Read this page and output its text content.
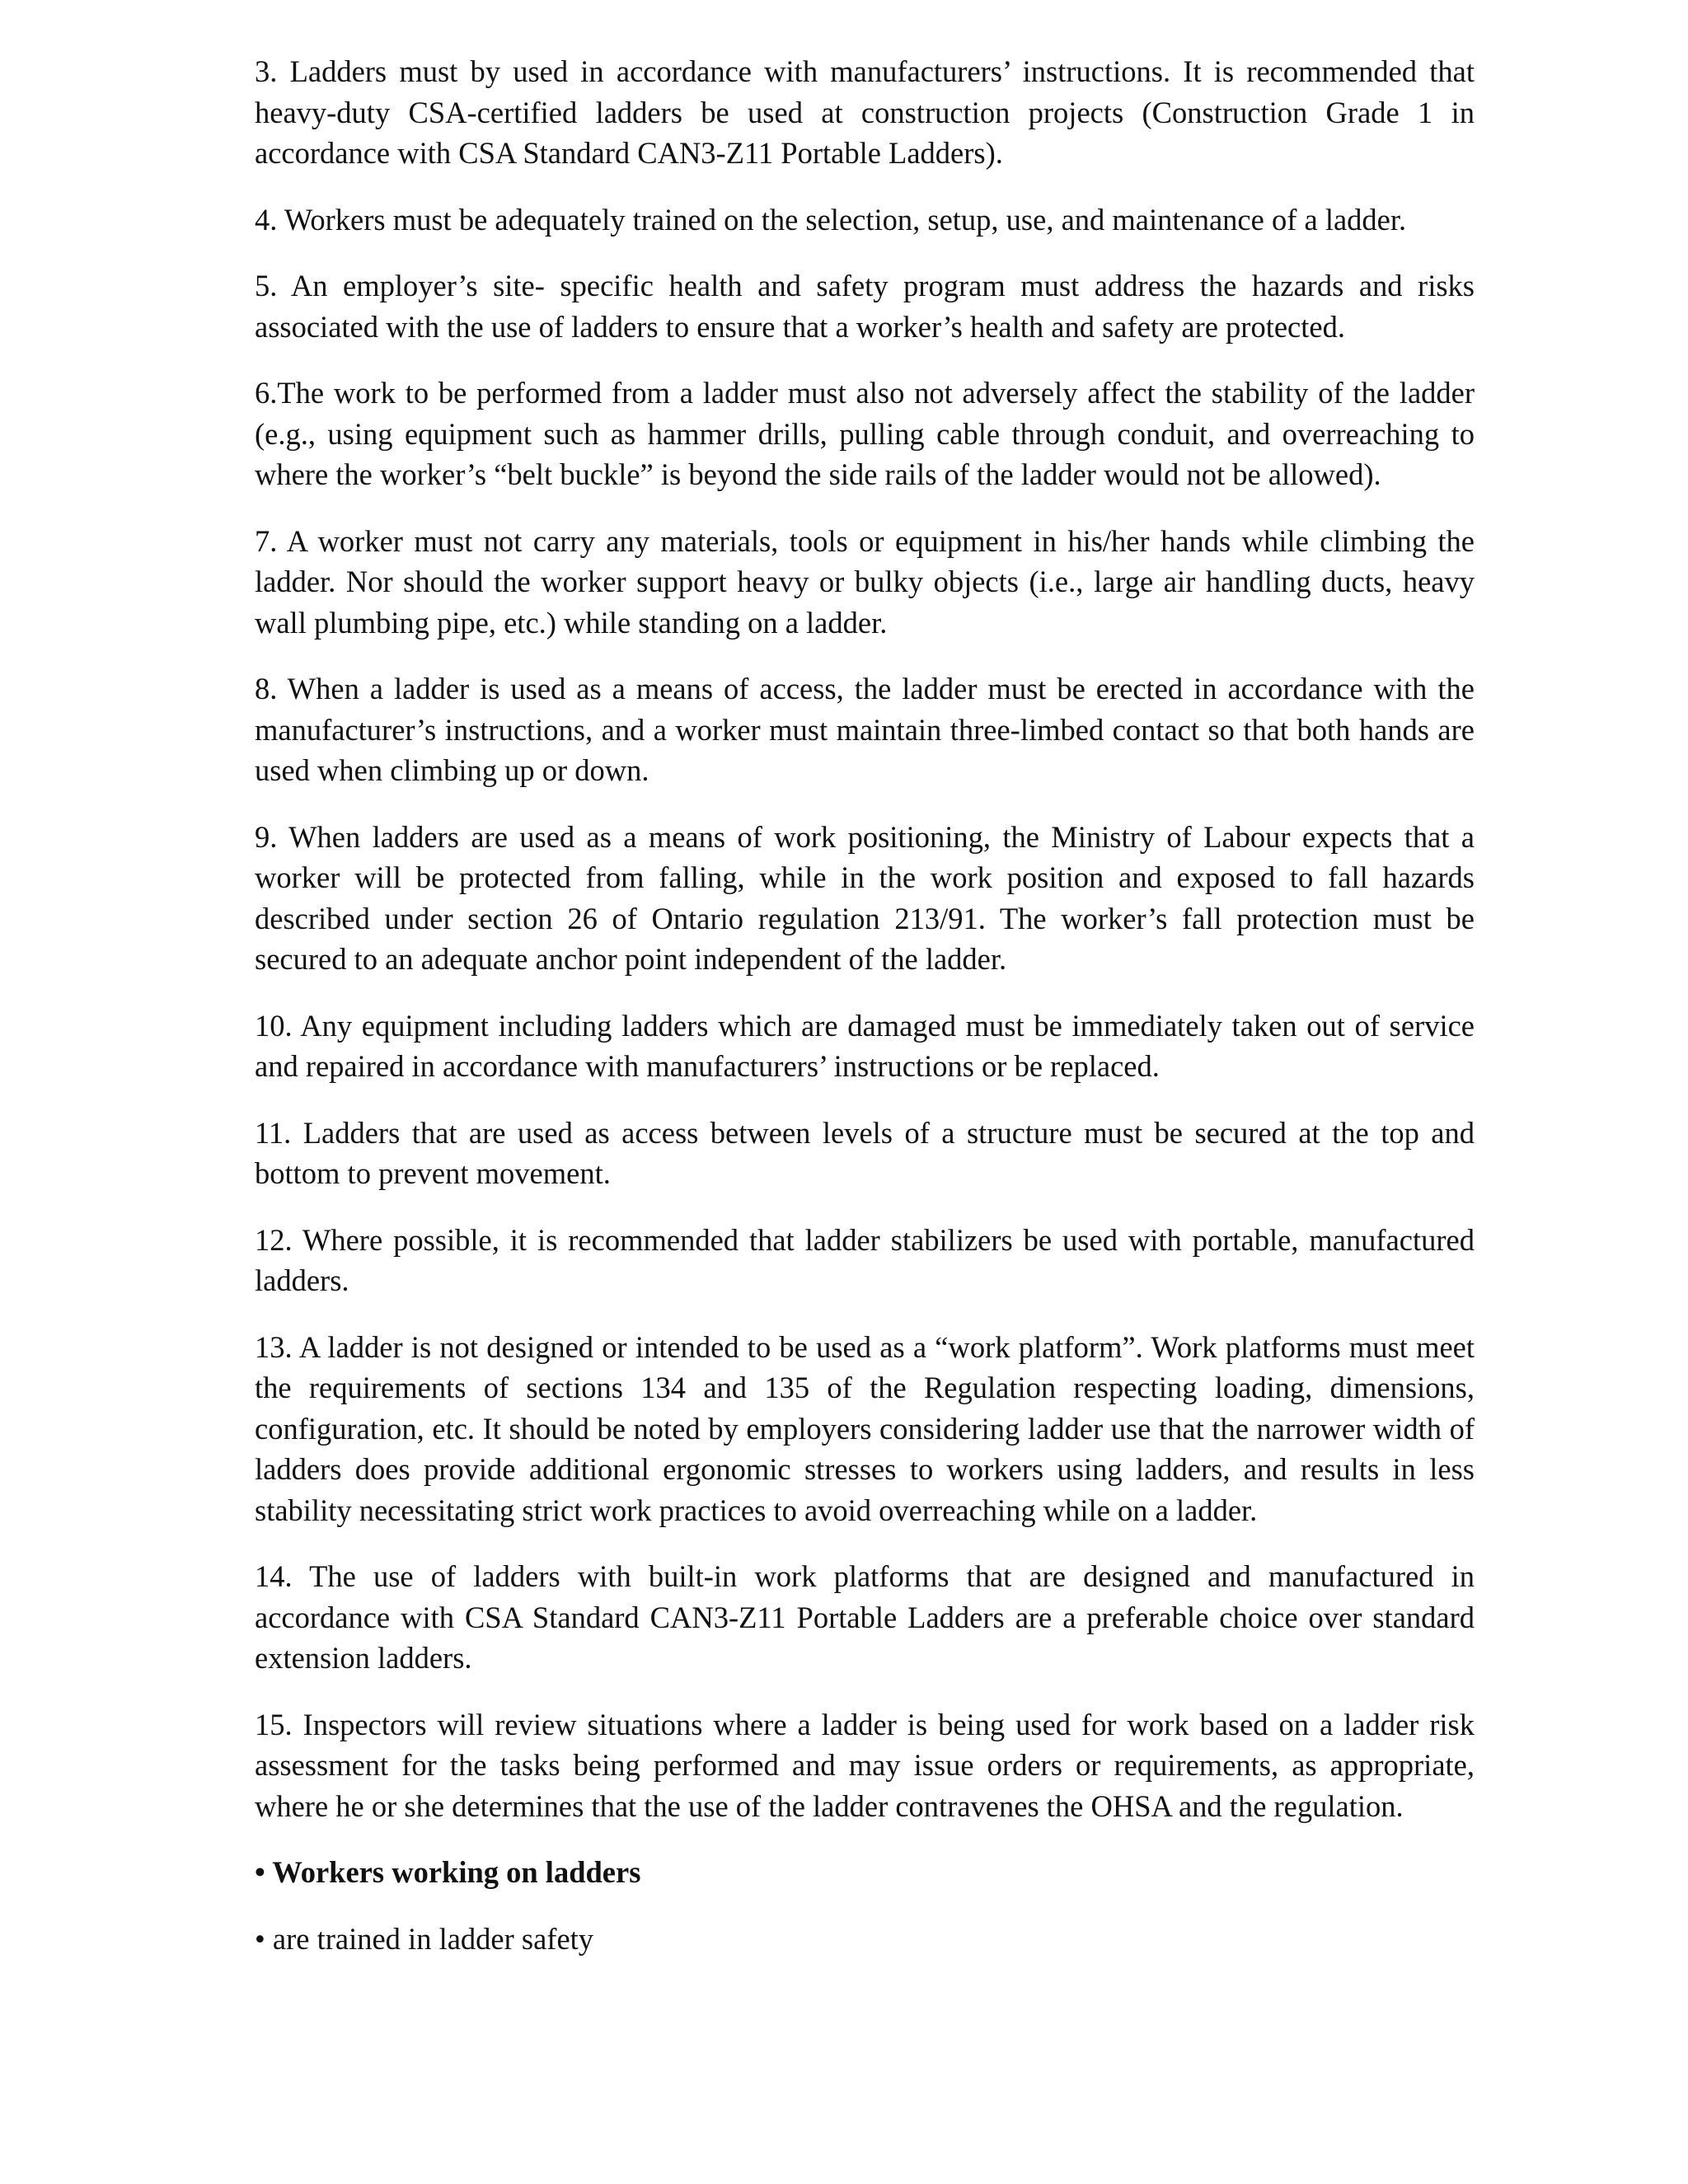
3. Ladders must by used in accordance with manufacturers’ instructions. It is recommended that heavy-duty CSA-certified ladders be used at construction projects (Construction Grade 1 in accordance with CSA Standard CAN3-Z11 Portable Ladders).

4. Workers must be adequately trained on the selection, setup, use, and maintenance of a ladder.

5. An employer’s site- specific health and safety program must address the hazards and risks associated with the use of ladders to ensure that a worker’s health and safety are protected.

6.The work to be performed from a ladder must also not adversely affect the stability of the ladder (e.g., using equipment such as hammer drills, pulling cable through conduit, and overreaching to where the worker’s “belt buckle” is beyond the side rails of the ladder would not be allowed).

7. A worker must not carry any materials, tools or equipment in his/her hands while climbing the ladder. Nor should the worker support heavy or bulky objects (i.e., large air handling ducts, heavy wall plumbing pipe, etc.) while standing on a ladder.

8. When a ladder is used as a means of access, the ladder must be erected in accordance with the manufacturer’s instructions, and a worker must maintain three-limbed contact so that both hands are used when climbing up or down.

9. When ladders are used as a means of work positioning, the Ministry of Labour expects that a worker will be protected from falling, while in the work position and exposed to fall hazards described under section 26 of Ontario regulation 213/91. The worker’s fall protection must be secured to an adequate anchor point independent of the ladder.

10. Any equipment including ladders which are damaged must be immediately taken out of service and repaired in accordance with manufacturers’ instructions or be replaced.

11. Ladders that are used as access between levels of a structure must be secured at the top and bottom to prevent movement.

12. Where possible, it is recommended that ladder stabilizers be used with portable, manufactured ladders.

13. A ladder is not designed or intended to be used as a “work platform”. Work platforms must meet the requirements of sections 134 and 135 of the Regulation respecting loading, dimensions, configuration, etc. It should be noted by employers considering ladder use that the narrower width of ladders does provide additional ergonomic stresses to workers using ladders, and results in less stability necessitating strict work practices to avoid overreaching while on a ladder.

14. The use of ladders with built-in work platforms that are designed and manufactured in accordance with CSA Standard CAN3-Z11 Portable Ladders are a preferable choice over standard extension ladders.

15. Inspectors will review situations where a ladder is being used for work based on a ladder risk assessment for the tasks being performed and may issue orders or requirements, as appropriate, where he or she determines that the use of the ladder contravenes the OHSA and the regulation.

• Workers working on ladders

• are trained in ladder safety
